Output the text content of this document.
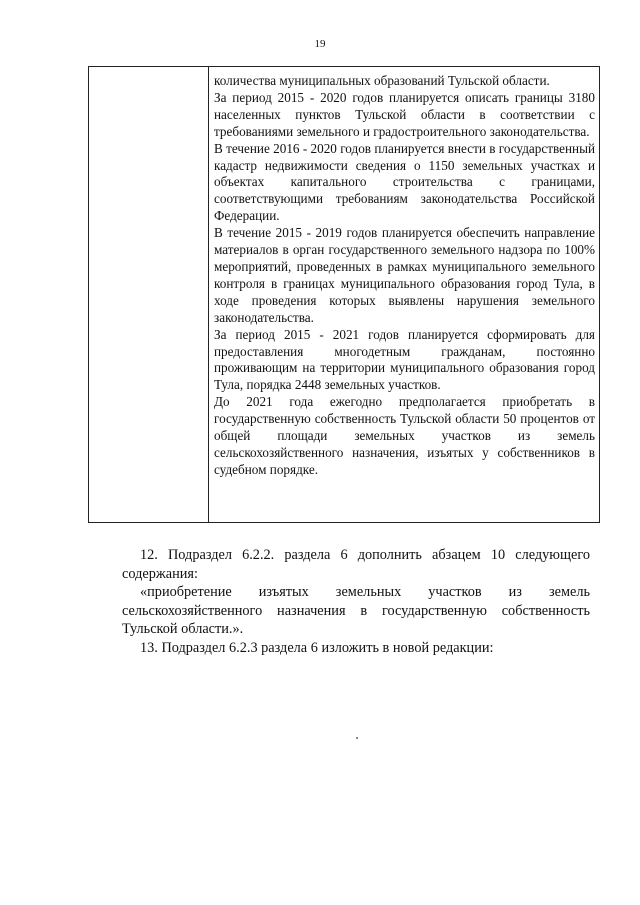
19

количества муниципальных образований Тульской области.

За период 2015 - 2020 годов планируется описать границы 3180 населенных пунктов Тульской области в соответствии с требованиями земельного и градостроительного законодательства.

В течение 2016 - 2020 годов планируется внести в государственный кадастр недвижимости сведения о 1150 земельных участках и объектах капитального строительства с границами, соответствующими требованиям законодательства Российской Федерации.

В течение 2015 - 2019 годов планируется обеспечить направление материалов в орган государственного земельного надзора по 100% мероприятий, проведенных в рамках муниципального земельного контроля в границах муниципального образования город Тула, в ходе проведения которых выявлены нарушения земельного законодательства.

За период 2015 - 2021 годов планируется сформировать для предоставления многодетным гражданам, постоянно проживающим на территории муниципального образования город Тула, порядка 2448 земельных участков.

До 2021 года ежегодно предполагается приобретать в государственную собственность Тульской области 50 процентов от общей площади земельных участков из земель сельскохозяйственного назначения, изъятых у собственников в судебном порядке.

12. Подраздел 6.2.2. раздела 6 дополнить абзацем 10 следующего содержания:

«приобретение изъятых земельных участков из земель сельскохозяйственного назначения в государственную собственность Тульской области.».

13. Подраздел 6.2.3 раздела 6 изложить в новой редакции:
